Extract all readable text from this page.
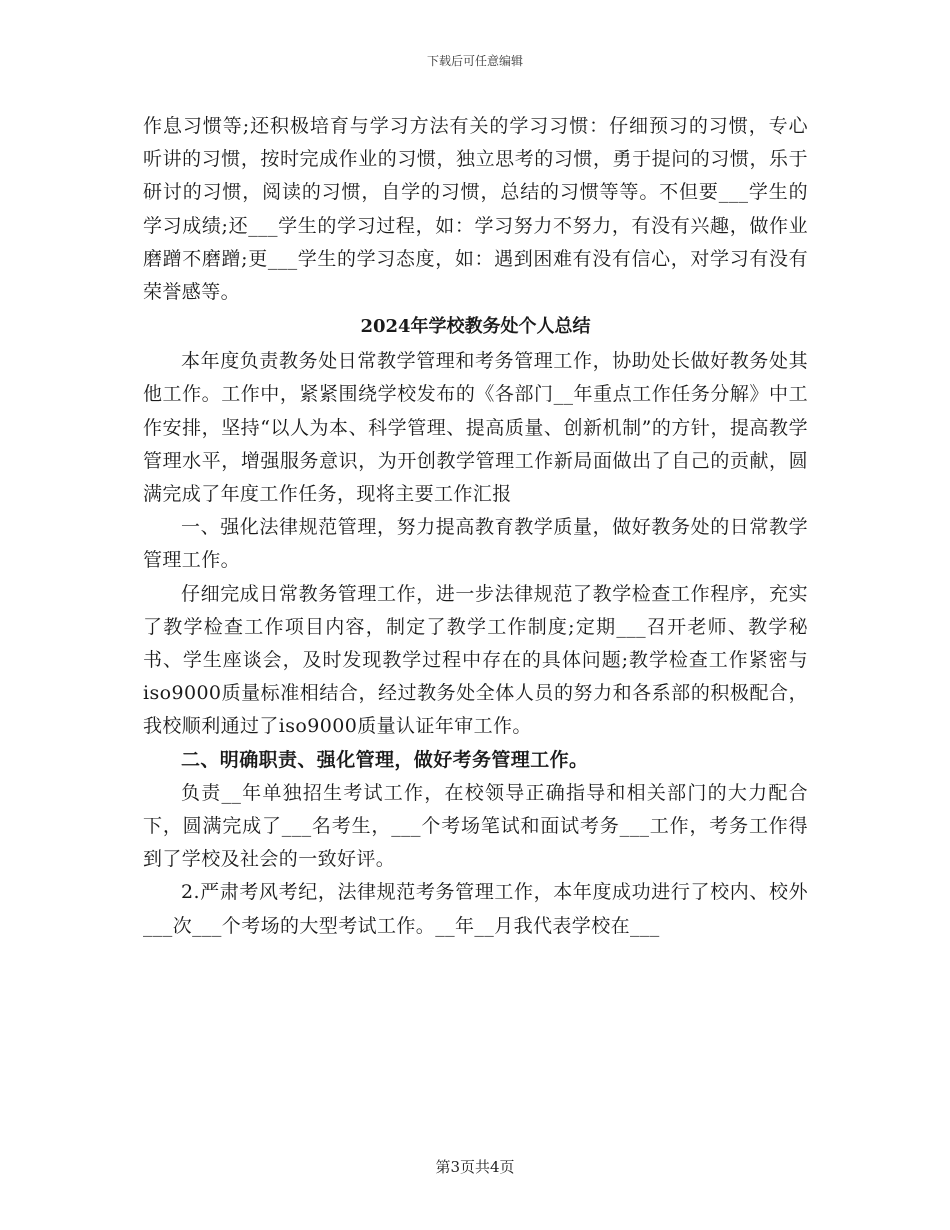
下载后可任意编辑

作息习惯等;还积极培育与学习方法有关的学习习惯：仔细预习的习惯，专心听讲的习惯，按时完成作业的习惯，独立思考的习惯，勇于提问的习惯，乐于研讨的习惯，阅读的习惯，自学的习惯，总结的习惯等等。不但要___学生的学习成绩;还___学生的学习过程，如：学习努力不努力，有没有兴趣，做作业磨蹭不磨蹭;更___学生的学习态度，如：遇到困难有没有信心，对学习有没有荣誉感等。

2024年学校教务处个人总结

本年度负责教务处日常教学管理和考务管理工作，协助处长做好教务处其他工作。工作中，紧紧围绕学校发布的《各部门__年重点工作任务分解》中工作安排，坚持“以人为本、科学管理、提高质量、创新机制”的方针，提高教学管理水平，增强服务意识，为开创教学管理工作新局面做出了自己的贡献，圆满完成了年度工作任务，现将主要工作汇报

一、强化法律规范管理，努力提高教育教学质量，做好教务处的日常教学管理工作。

仔细完成日常教务管理工作，进一步法律规范了教学检查工作程序，充实了教学检查工作项目内容，制定了教学工作制度;定期___召开老师、教学秘书、学生座谈会，及时发现教学过程中存在的具体问题;教学检查工作紧密与iso9000质量标准相结合，经过教务处全体人员的努力和各系部的积极配合，我校顺利通过了iso9000质量认证年审工作。

二、明确职责、强化管理，做好考务管理工作。

负责__年单独招生考试工作，在校领导正确指导和相关部门的大力配合下，圆满完成了___名考生，___个考场笔试和面试考务___工作，考务工作得到了学校及社会的一致好评。

2.严肃考风考纪，法律规范考务管理工作，本年度成功进行了校内、校外___次___个考场的大型考试工作。__年__月我代表学校在___

第3页共4页
